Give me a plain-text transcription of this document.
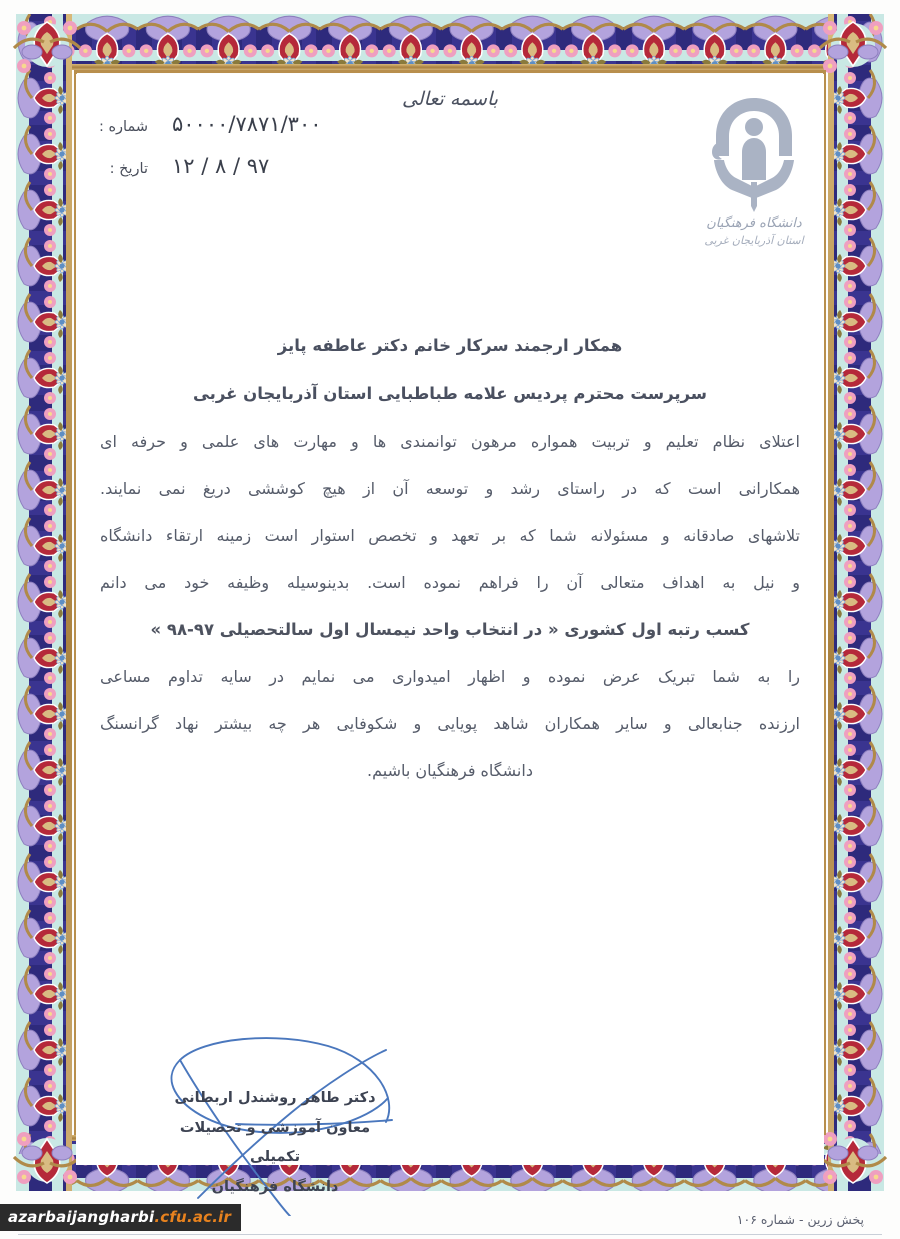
باسمه تعالی
شماره : ۵۰۰۰۰/۷۸۷۱/۳۰۰
تاریخ : ۹۷ / ۸ / ۱۲
دانشگاه فرهنگیان
استان آذربایجان غربی
همکار ارجمند سرکار خانم دکتر عاطفه پایز
سرپرست محترم پردیس علامه طباطبایی استان آذربایجان غربی
اعتلای نظام تعلیم و تربیت همواره مرهون توانمندی ها و مهارت های علمی و حرفه ای
همکارانی است که در راستای رشد و توسعه آن از هیچ کوششی دریغ نمی نمایند.
تلاشهای صادقانه و مسئولانه شما که بر تعهد و تخصص استوار است زمینه ارتقاء دانشگاه
و نیل به اهداف متعالی آن را فراهم نموده است. بدینوسیله وظیفه خود می دانم
کسب رتبه اول کشوری « در انتخاب واحد نیمسال اول سالتحصیلی ۹۷-۹۸ »
را به شما تبریک عرض نموده و اظهار امیدواری می نمایم در سایه تداوم مساعی
ارزنده جنابعالی و سایر همکاران شاهد پویایی و شکوفایی هر چه بیشتر نهاد گرانسنگ
دانشگاه فرهنگیان باشیم.
دکتر طاهر روشندل اربطانی
معاون آموزشی و تحصیلات تکمیلی
دانشگاه فرهنگیان
azarbaijangharbi.cfu.ac.ir	پخش زرین - شماره ۱۰۶
